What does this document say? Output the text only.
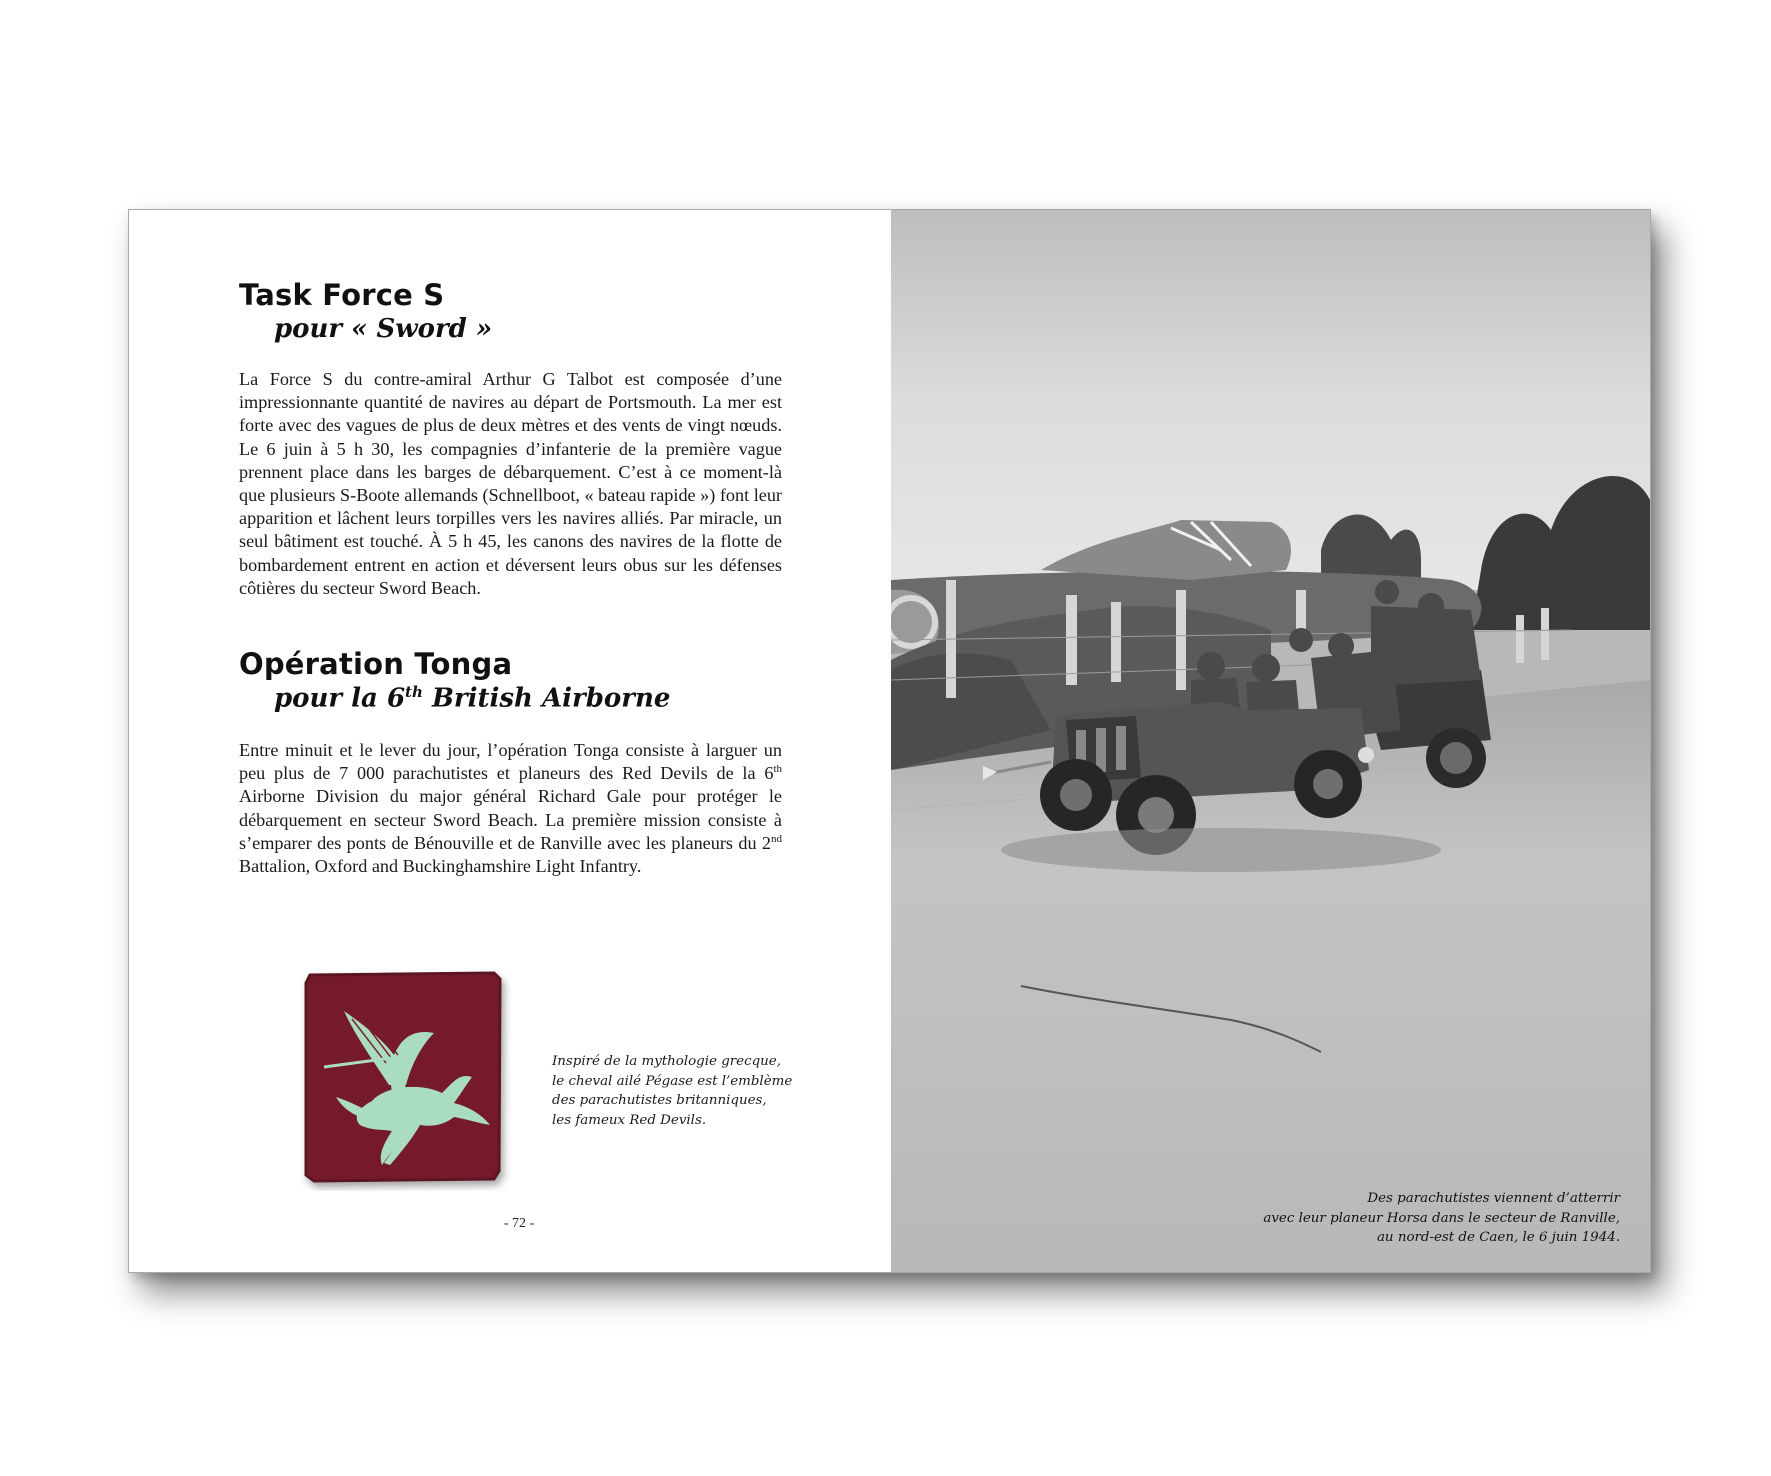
Task Force S
pour « Sword »

La Force S du contre-amiral Arthur G Talbot est composée d’une impressionnante quantité de navires au départ de Portsmouth. La mer est forte avec des vagues de plus de deux mètres et des vents de vingt nœuds. Le 6 juin à 5 h 30, les compagnies d’infanterie de la première vague prennent place dans les barges de débarquement. C’est à ce moment-là que plusieurs S-Boote allemands (Schnellboot, « bateau rapide ») font leur apparition et lâchent leurs torpilles vers les navires alliés. Par miracle, un seul bâtiment est touché. À 5 h 45, les canons des navires de la flotte de bombardement entrent en action et déversent leurs obus sur les défenses côtières du secteur Sword Beach.

Opération Tonga
pour la 6th British Airborne

Entre minuit et le lever du jour, l’opération Tonga consiste à larguer un peu plus de 7 000 parachutistes et planeurs des Red Devils de la 6th Airborne Division du major général Richard Gale pour protéger le débarquement en secteur Sword Beach. La première mission consiste à s’emparer des ponts de Bénouville et de Ranville avec les planeurs du 2nd Battalion, Oxford and Buckinghamshire Light Infantry.

Inspiré de la mythologie grecque,
le cheval ailé Pégase est l’emblème
des parachutistes britanniques,
les fameux Red Devils.

- 72 -

Des parachutistes viennent d’atterrir
avec leur planeur Horsa dans le secteur de Ranville,
au nord-est de Caen, le 6 juin 1944.
